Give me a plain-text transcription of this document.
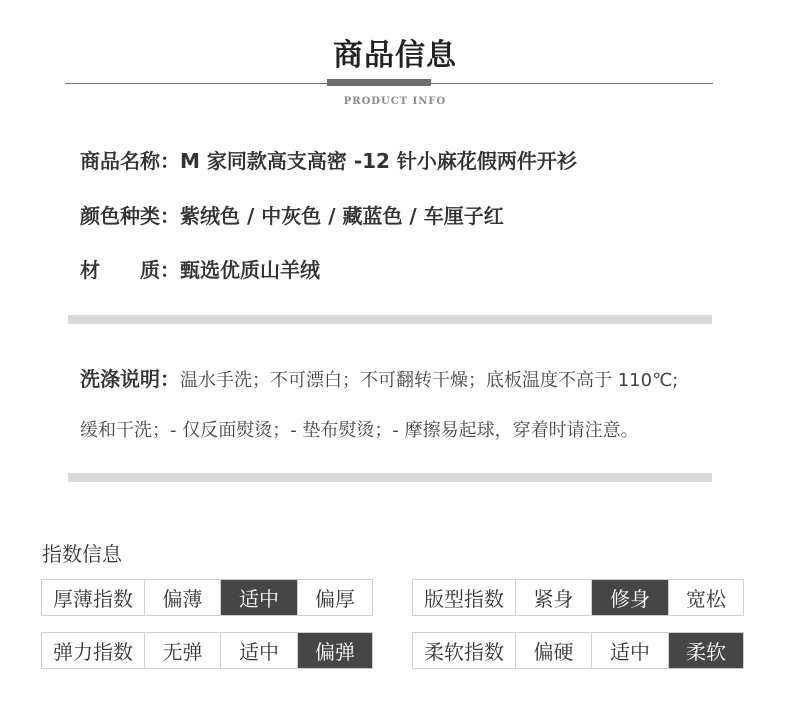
商品信息
PRODUCT INFO
商品名称：M 家同款高支高密 -12 针小麻花假两件开衫
颜色种类：紫绒色 / 中灰色 / 藏蓝色 / 车厘子红
材　　质：甄选优质山羊绒
洗涤说明：温水手洗；不可漂白；不可翻转干燥；底板温度不高于 110℃;
缓和干洗；- 仅反面熨烫；- 垫布熨烫；- 摩擦易起球，穿着时请注意。
指数信息
厚薄指数	偏薄	适中	偏厚	版型指数	紧身	修身	宽松
弹力指数	无弹	适中	偏弹	柔软指数	偏硬	适中	柔软
